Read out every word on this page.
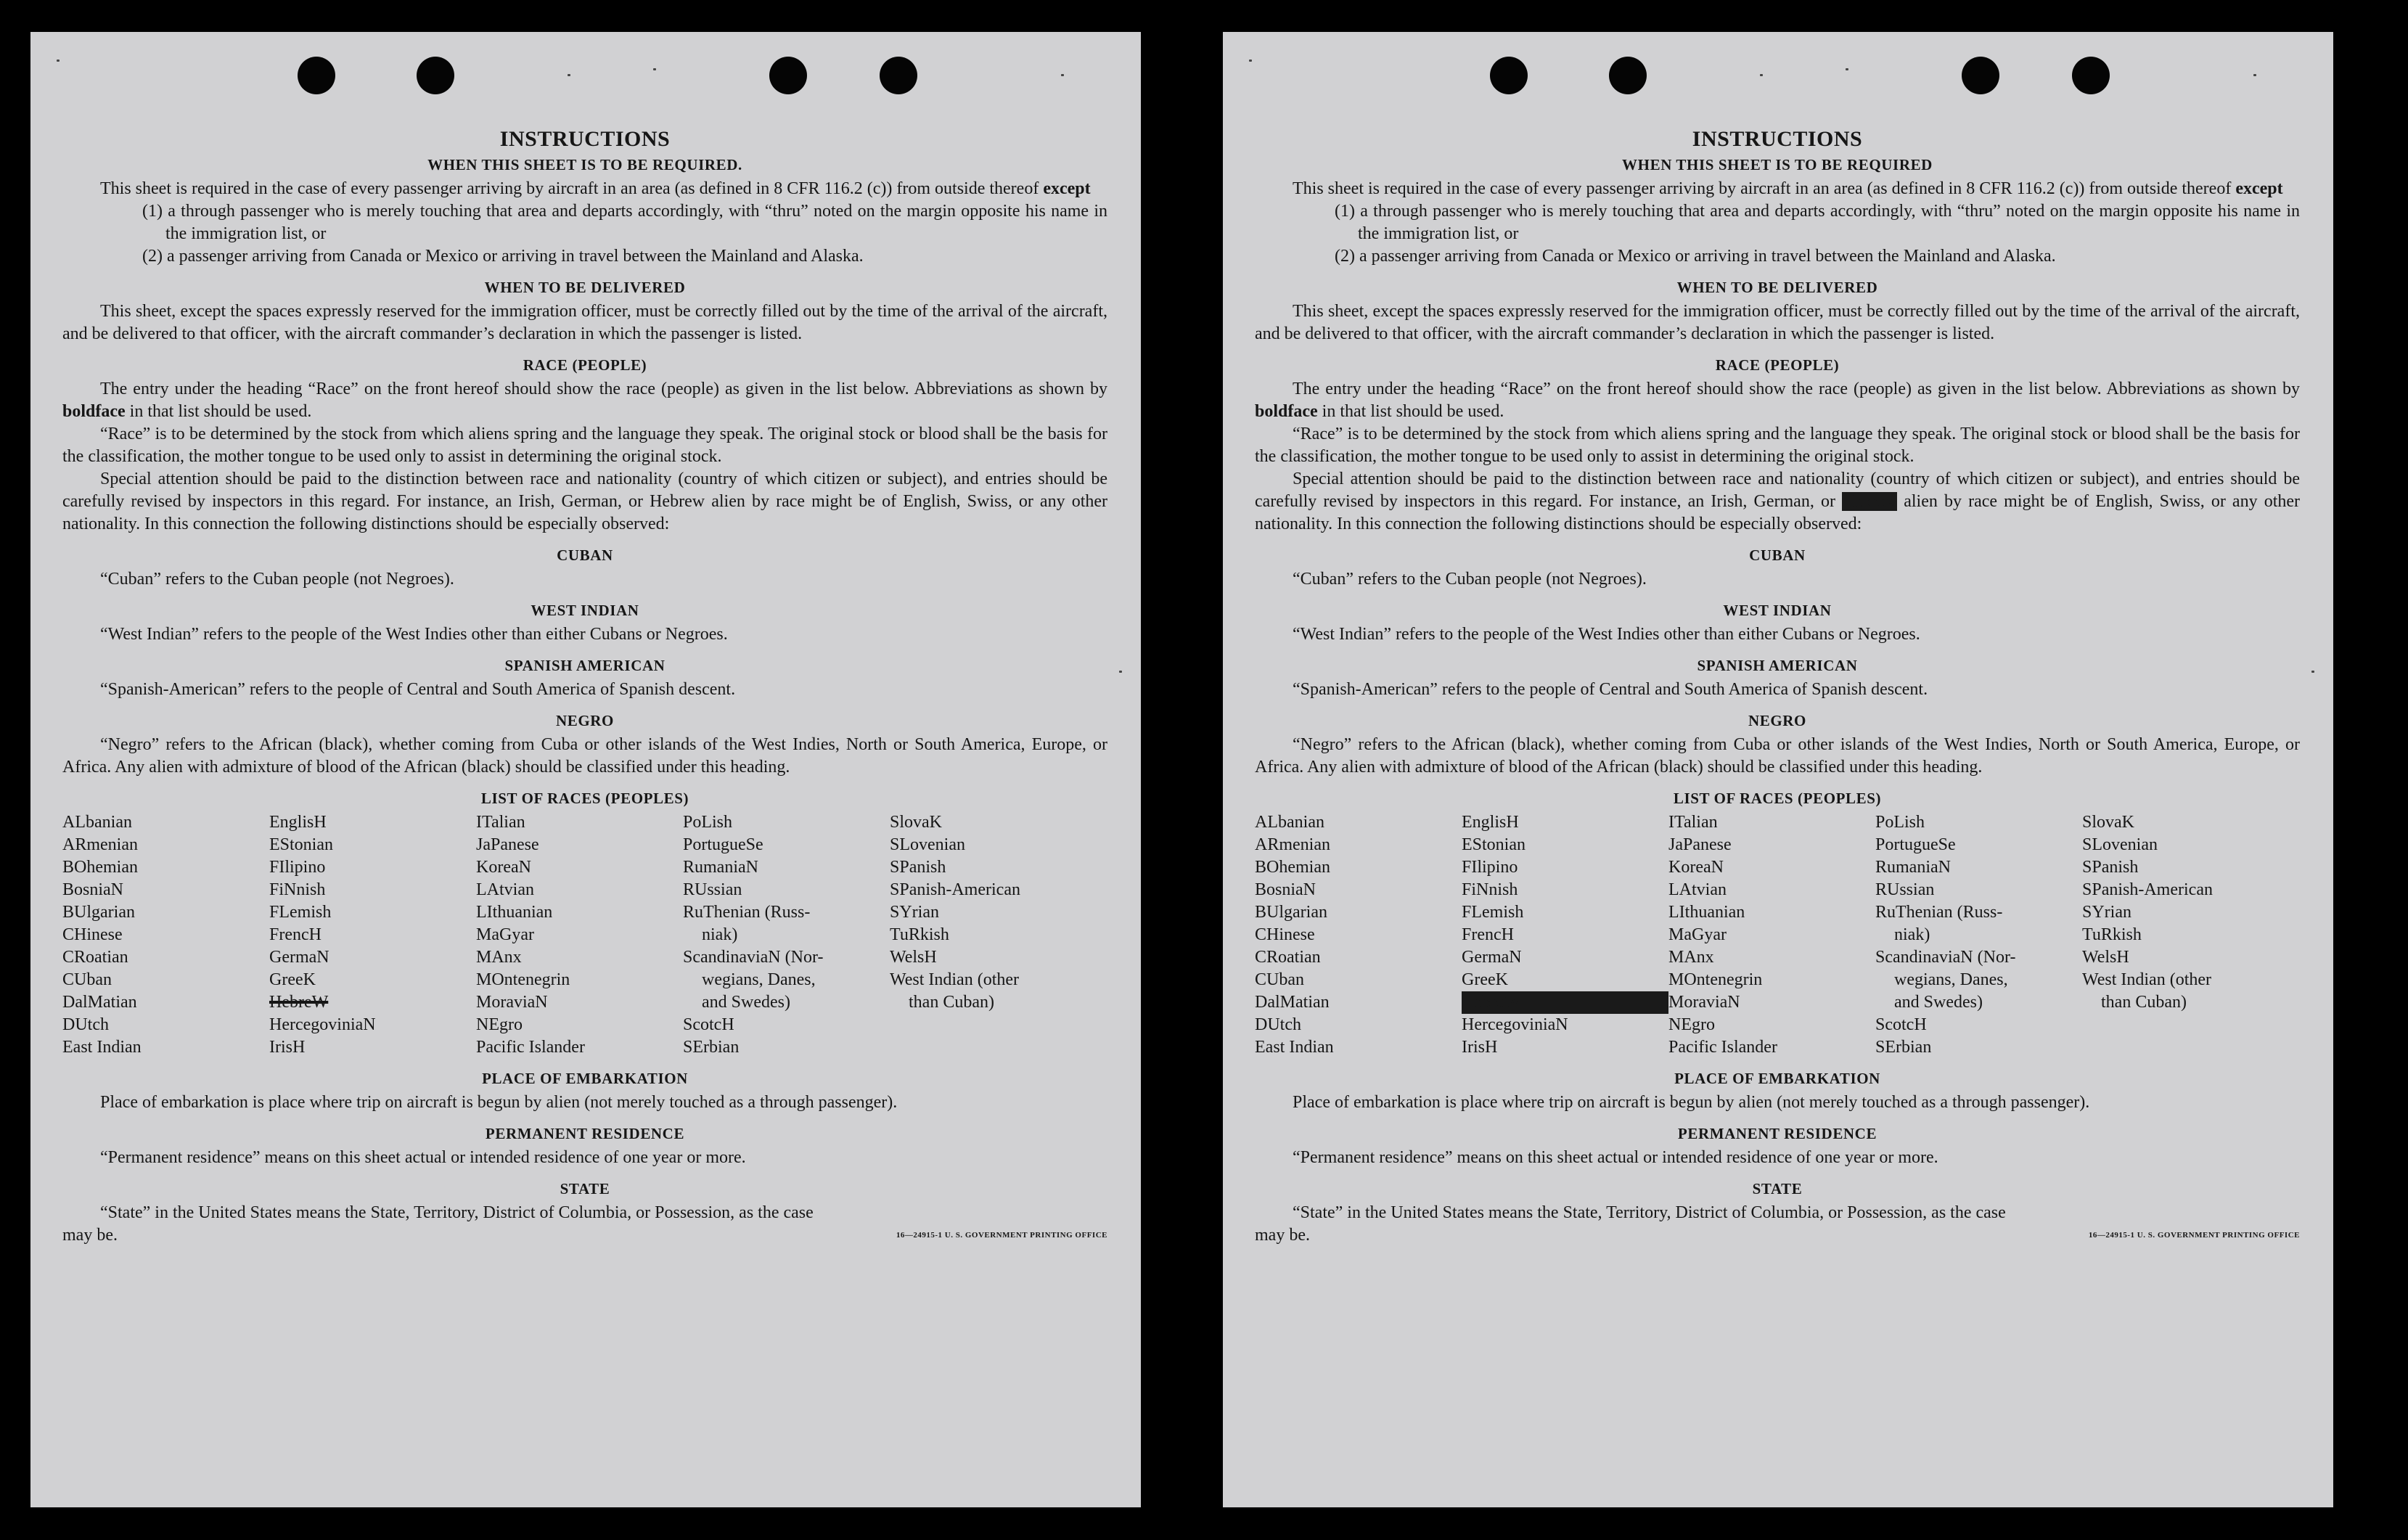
INSTRUCTIONS
WHEN THIS SHEET IS TO BE REQUIRED.

This sheet is required in the case of every passenger arriving by aircraft in an area (as defined in 8 CFR 116.2 (c)) from outside thereof except

(1) a through passenger who is merely touching that area and departs accordingly, with “thru” noted on the margin opposite his name in the immigration list, or

(2) a passenger arriving from Canada or Mexico or arriving in travel between the Mainland and Alaska.

WHEN TO BE DELIVERED

This sheet, except the spaces expressly reserved for the immigration officer, must be correctly filled out by the time of the arrival of the aircraft, and be delivered to that officer, with the aircraft commander’s declaration in which the passenger is listed.

RACE (PEOPLE)

The entry under the heading “Race” on the front hereof should show the race (people) as given in the list below. Abbreviations as shown by boldface in that list should be used.

“Race” is to be determined by the stock from which aliens spring and the language they speak. The original stock or blood shall be the basis for the classification, the mother tongue to be used only to assist in determining the original stock.

Special attention should be paid to the distinction between race and nationality (country of which citizen or subject), and entries should be carefully revised by inspectors in this regard. For instance, an Irish, German, or Hebrew alien by race might be of English, Swiss, or any other nationality. In this connection the following distinctions should be especially observed:

CUBAN

“Cuban” refers to the Cuban people (not Negroes).

WEST INDIAN

“West Indian” refers to the people of the West Indies other than either Cubans or Negroes.

SPANISH AMERICAN

“Spanish-American” refers to the people of Central and South America of Spanish descent.

NEGRO

“Negro” refers to the African (black), whether coming from Cuba or other islands of the West Indies, North or South America, Europe, or Africa. Any alien with admixture of blood of the African (black) should be classified under this heading.

LIST OF RACES (PEOPLES)
ALbanian
ARmenian
BOhemian
BosniaN
BUlgarian
CHinese
CRoatian
CUban
DalMatian
DUtch
East Indian
EnglisH
EStonian
FIlipino
FiNnish
FLemish
FrencH
GermaN
GreeK
HebreW
HercegoviniaN
IrisH
ITalian
JaPanese
KoreaN
LAtvian
LIthuanian
MaGyar
MAnx
MOntenegrin
MoraviaN
NEgro
Pacific Islander
PoLish
PortugueSe
RumaniaN
RUssian
RuThenian (Russ-
niak)
ScandinaviaN (Nor-
wegians, Danes,
and Swedes)
ScotcH
SErbian
SlovaK
SLovenian
SPanish
SPanish-American
SYrian
TuRkish
WelsH
West Indian (other
than Cuban)
PLACE OF EMBARKATION

Place of embarkation is place where trip on aircraft is begun by alien (not merely touched as a through passenger).

PERMANENT RESIDENCE

“Permanent residence” means on this sheet actual or intended residence of one year or more.

STATE

“State” in the United States means the State, Territory, District of Columbia, or Possession, as the case

may be.	16—24915-1 U. S. GOVERNMENT PRINTING OFFICE
INSTRUCTIONS
WHEN THIS SHEET IS TO BE REQUIRED

This sheet is required in the case of every passenger arriving by aircraft in an area (as defined in 8 CFR 116.2 (c)) from outside thereof except

(1) a through passenger who is merely touching that area and departs accordingly, with “thru” noted on the margin opposite his name in the immigration list, or

(2) a passenger arriving from Canada or Mexico or arriving in travel between the Mainland and Alaska.

WHEN TO BE DELIVERED

This sheet, except the spaces expressly reserved for the immigration officer, must be correctly filled out by the time of the arrival of the aircraft, and be delivered to that officer, with the aircraft commander’s declaration in which the passenger is listed.

RACE (PEOPLE)

The entry under the heading “Race” on the front hereof should show the race (people) as given in the list below. Abbreviations as shown by boldface in that list should be used.

“Race” is to be determined by the stock from which aliens spring and the language they speak. The original stock or blood shall be the basis for the classification, the mother tongue to be used only to assist in determining the original stock.

Special attention should be paid to the distinction between race and nationality (country of which citizen or subject), and entries should be carefully revised by inspectors in this regard. For instance, an Irish, German, or Hebrew alien by race might be of English, Swiss, or any other nationality. In this connection the following distinctions should be especially observed:

CUBAN

“Cuban” refers to the Cuban people (not Negroes).

WEST INDIAN

“West Indian” refers to the people of the West Indies other than either Cubans or Negroes.

SPANISH AMERICAN

“Spanish-American” refers to the people of Central and South America of Spanish descent.

NEGRO

“Negro” refers to the African (black), whether coming from Cuba or other islands of the West Indies, North or South America, Europe, or Africa. Any alien with admixture of blood of the African (black) should be classified under this heading.

LIST OF RACES (PEOPLES)
ALbanian
ARmenian
BOhemian
BosniaN
BUlgarian
CHinese
CRoatian
CUban
DalMatian
DUtch
East Indian
EnglisH
EStonian
FIlipino
FiNnish
FLemish
FrencH
GermaN
GreeK
HebreW
HercegoviniaN
IrisH
ITalian
JaPanese
KoreaN
LAtvian
LIthuanian
MaGyar
MAnx
MOntenegrin
MoraviaN
NEgro
Pacific Islander
PoLish
PortugueSe
RumaniaN
RUssian
RuThenian (Russ-
niak)
ScandinaviaN (Nor-
wegians, Danes,
and Swedes)
ScotcH
SErbian
SlovaK
SLovenian
SPanish
SPanish-American
SYrian
TuRkish
WelsH
West Indian (other
than Cuban)
PLACE OF EMBARKATION

Place of embarkation is place where trip on aircraft is begun by alien (not merely touched as a through passenger).

PERMANENT RESIDENCE

“Permanent residence” means on this sheet actual or intended residence of one year or more.

STATE

“State” in the United States means the State, Territory, District of Columbia, or Possession, as the case

may be.	16—24915-1 U. S. GOVERNMENT PRINTING OFFICE
